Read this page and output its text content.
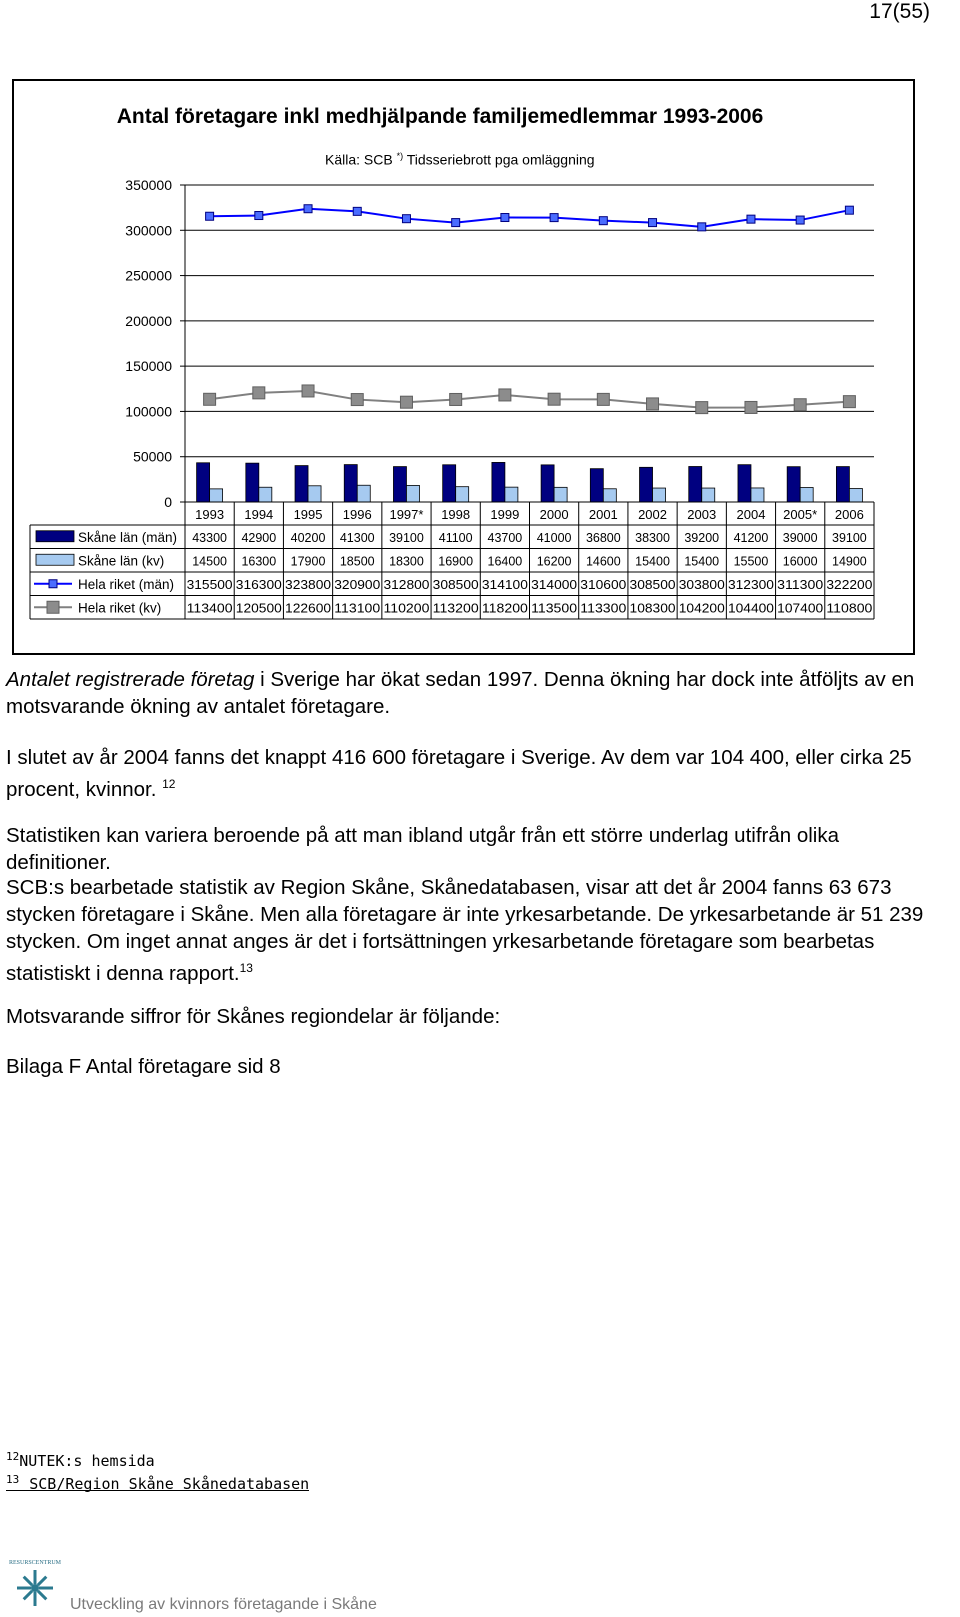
17(55)
0
50000
100000
150000
200000
250000
300000
350000
1993 1994 1995 1996 1997* 1998 1999 2000 2001 2002 2003 2004 2005* 2006
Skåne län (män) 43300 42900 40200 41300 39100 41100 43700 41000 36800 38300 39200 41200 39000 39100
Skåne län (kv) 14500 16300 17900 18500 18300 16900 16400 16200 14600 15400 15400 15500 16000 14900
Hela riket (män) 315500 316300 323800 320900 312800 308500 314100 314000 310600 308500 303800 312300 311300 322200
Hela riket (kv) 113400 120500 122600 113100 110200 113200 118200 113500 113300 108300 104200 104400 107400 110800
Antal företagare inkl medhjälpande familjemedlemmar 1993-2006
Källa: SCB *) Tidsseriebrott pga omläggning

Antalet registrerade företag i Sverige har ökat sedan 1997. Denna ökning har dock inte åtföljts av en motsvarande ökning av antalet företagare.

I slutet av år 2004 fanns det knappt 416 600 företagare i Sverige. Av dem var 104 400, eller cirka 25 procent, kvinnor. $^{12}$

Statistiken kan variera beroende på att man ibland utgår från ett större underlag utifrån olika definitioner.

SCB:s bearbetade statistik av Region Skåne, Skånedatabasen, visar att det år 2004 fanns 63 673 stycken företagare i Skåne. Men alla företagare är inte yrkesarbetande. De yrkesarbetande är 51 239 stycken. Om inget annat anges är det i fortsättningen yrkesarbetande företagare som bearbetas statistiskt i denna rapport.$^{13}$

Motsvarande siffror för Skånes regiondelar är följande:

Bilaga F Antal företagare sid 8

$^{12}$NUTEK:s hemsida
$^{13}$ SCB/Region Skåne Skånedatabasen
RESURSCENTRUM
Utveckling av kvinnors företagande i Skåne
